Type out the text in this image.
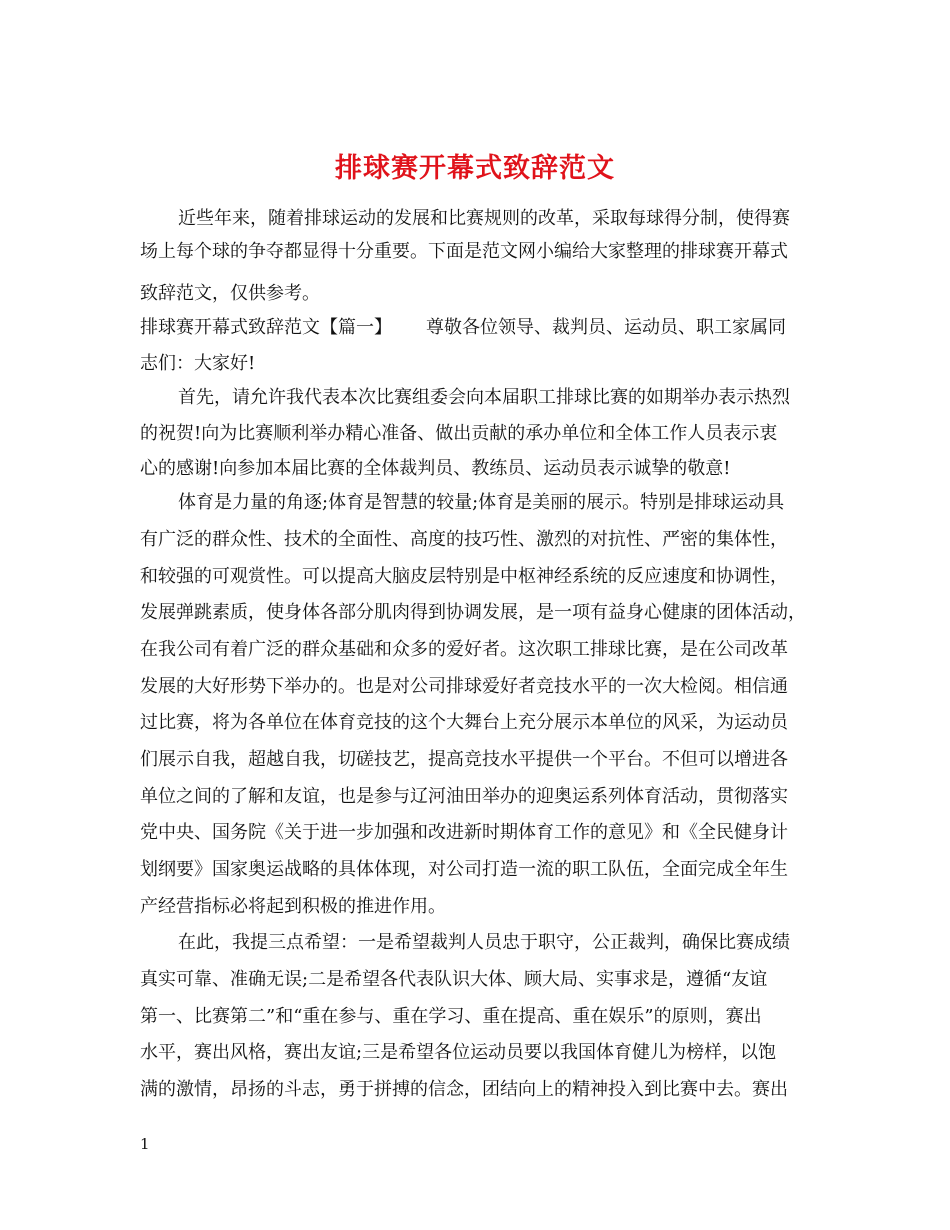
排球赛开幕式致辞范文
近些年来，随着排球运动的发展和比赛规则的改革，采取每球得分制，使得赛
场上每个球的争夺都显得十分重要。下面是范文网小编给大家整理的排球赛开幕式
致辞范文，仅供参考。
排球赛开幕式致辞范文【篇一】 尊敬各位领导、裁判员、运动员、职工家属同
志们：大家好!
首先，请允许我代表本次比赛组委会向本届职工排球比赛的如期举办表示热烈
的祝贺!向为比赛顺利举办精心准备、做出贡献的承办单位和全体工作人员表示衷
心的感谢!向参加本届比赛的全体裁判员、教练员、运动员表示诚挚的敬意!
体育是力量的角逐;体育是智慧的较量;体育是美丽的展示。特别是排球运动具
有广泛的群众性、技术的全面性、高度的技巧性、激烈的对抗性、严密的集体性，
和较强的可观赏性。可以提高大脑皮层特别是中枢神经系统的反应速度和协调性，
发展弹跳素质，使身体各部分肌肉得到协调发展，是一项有益身心健康的团体活动，
在我公司有着广泛的群众基础和众多的爱好者。这次职工排球比赛，是在公司改革
发展的大好形势下举办的。也是对公司排球爱好者竞技水平的一次大检阅。相信通
过比赛，将为各单位在体育竞技的这个大舞台上充分展示本单位的风采，为运动员
们展示自我，超越自我，切磋技艺，提高竞技水平提供一个平台。不但可以增进各
单位之间的了解和友谊，也是参与辽河油田举办的迎奥运系列体育活动，贯彻落实
党中央、国务院《关于进一步加强和改进新时期体育工作的意见》和《全民健身计
划纲要》国家奥运战略的具体体现，对公司打造一流的职工队伍，全面完成全年生
产经营指标必将起到积极的推进作用。
在此，我提三点希望：一是希望裁判人员忠于职守，公正裁判，确保比赛成绩
真实可靠、准确无误;二是希望各代表队识大体、顾大局、实事求是，遵循“友谊
第一、比赛第二”和“重在参与、重在学习、重在提高、重在娱乐”的原则，赛出
水平，赛出风格，赛出友谊;三是希望各位运动员要以我国体育健儿为榜样，以饱
满的激情，昂扬的斗志，勇于拼搏的信念，团结向上的精神投入到比赛中去。赛出
1
